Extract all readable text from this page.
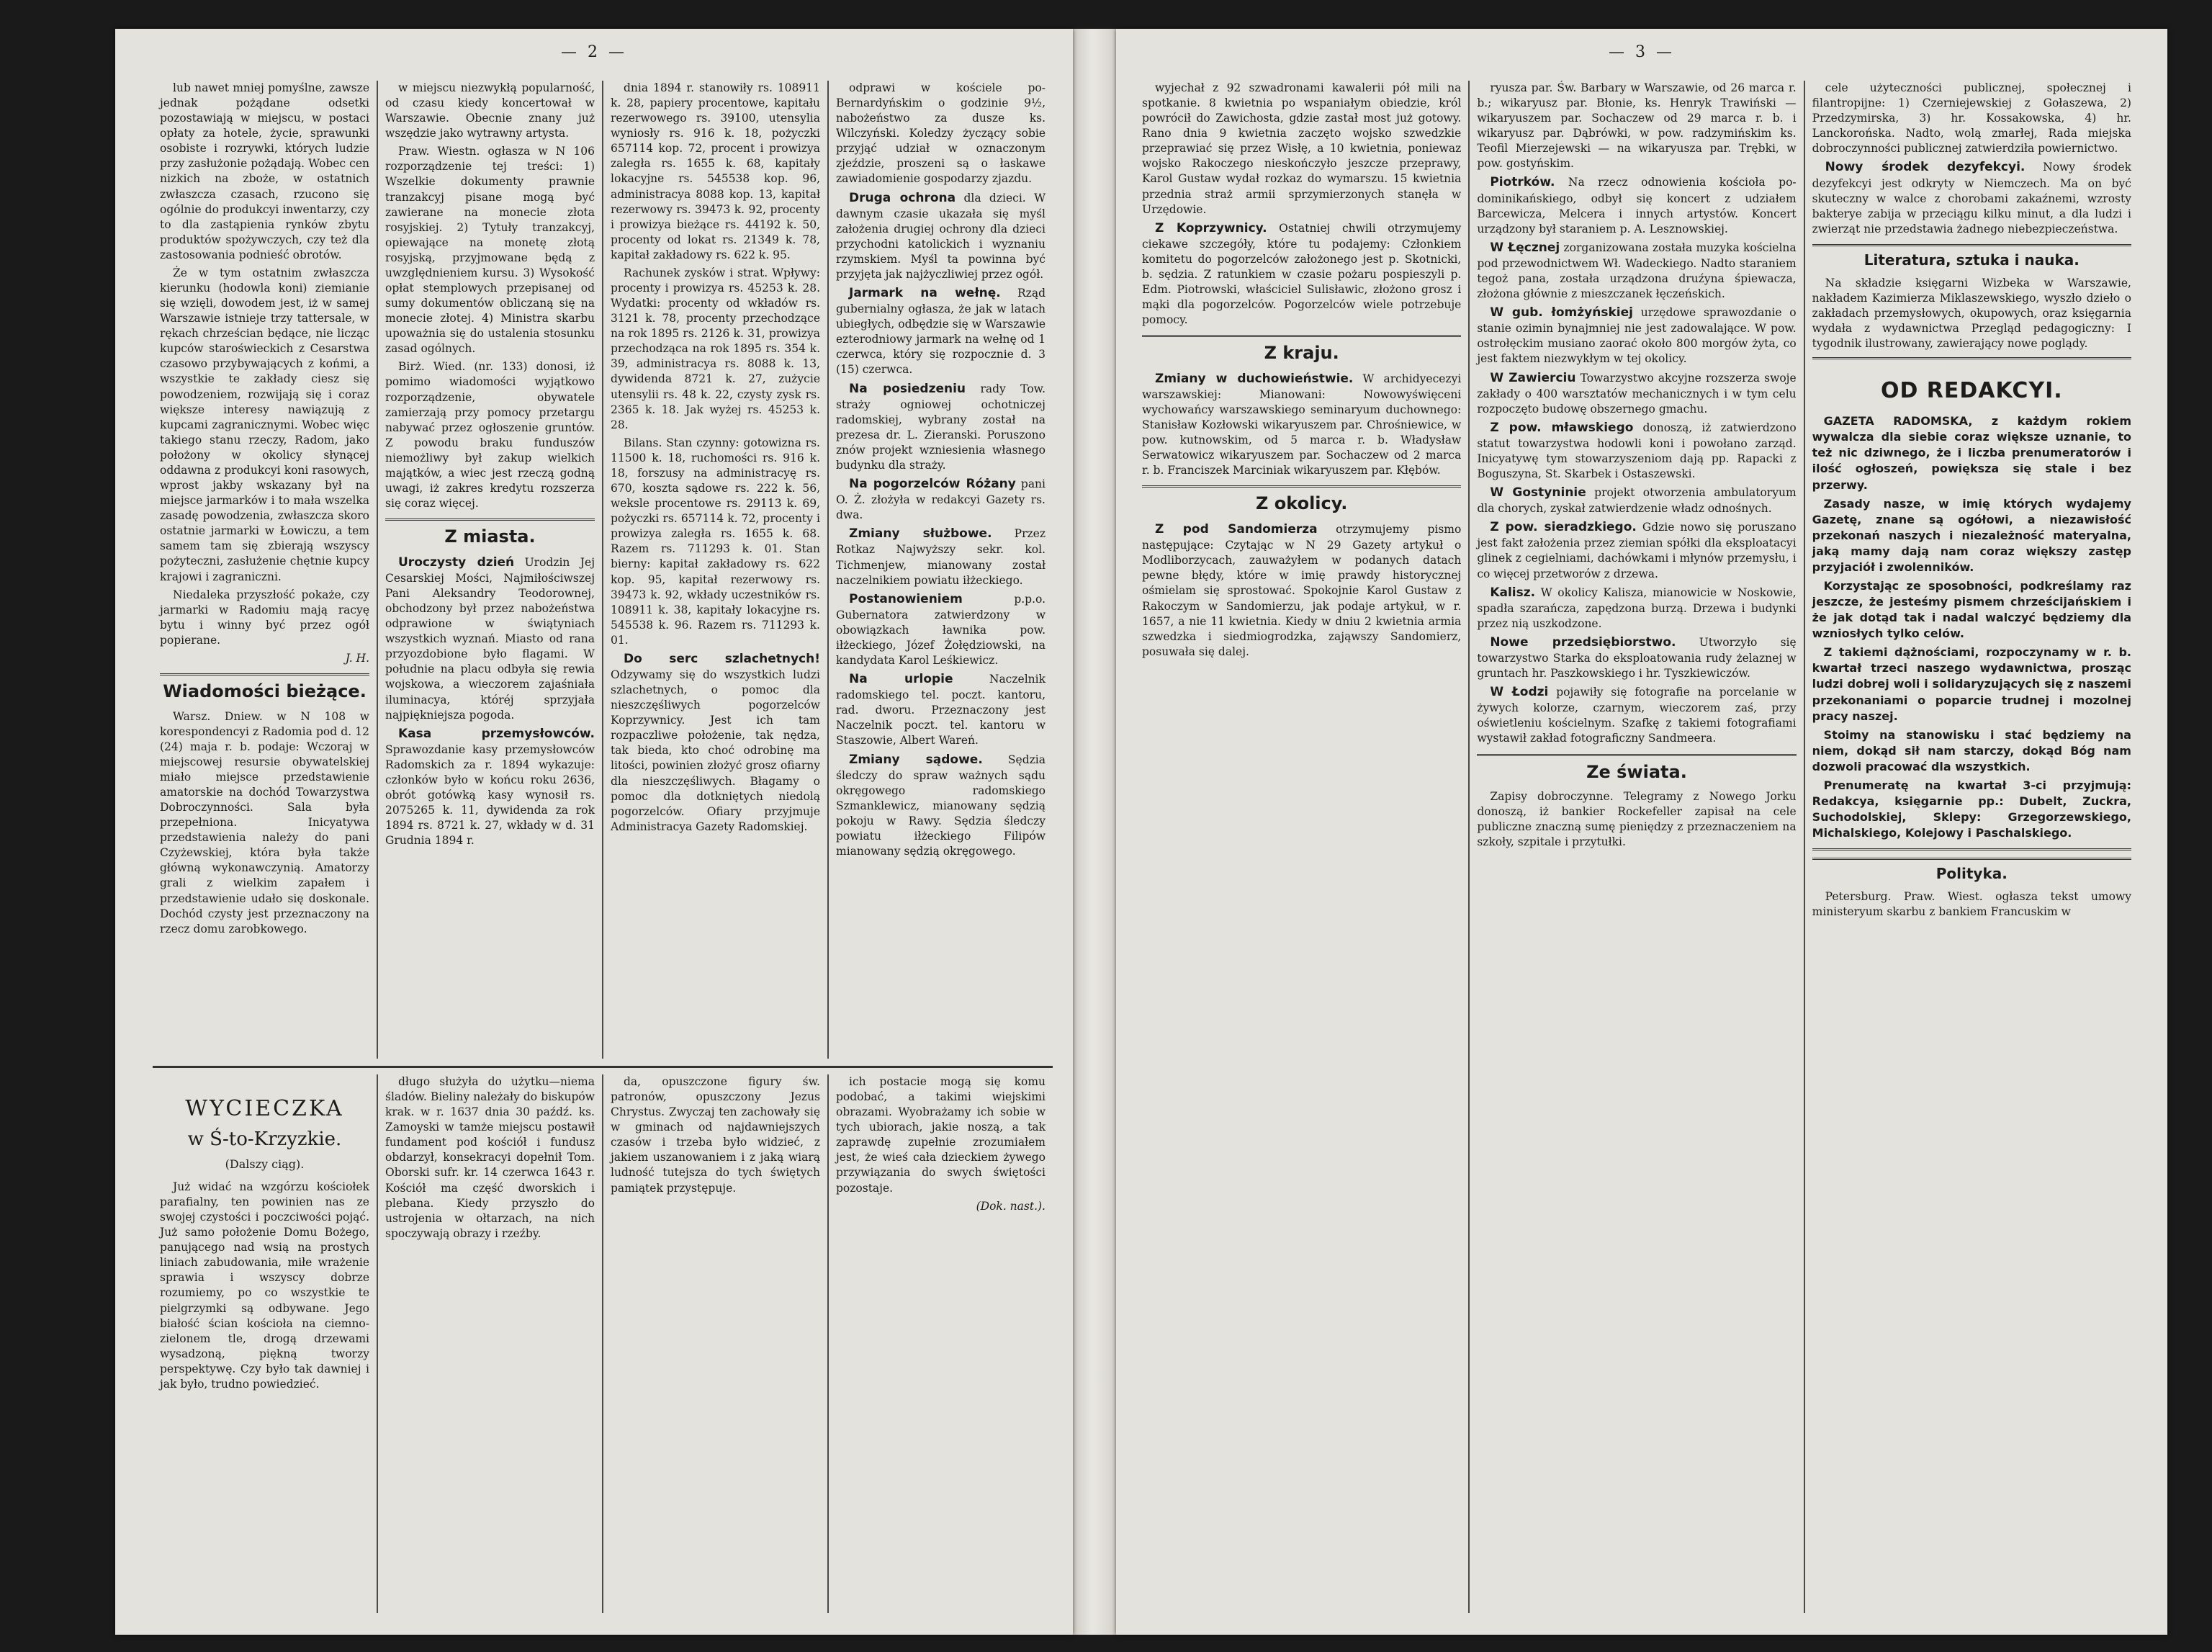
— 2 —

lub nawet mniej pomyślne, zawsze jednak pożądane odsetki pozostawiają w miejscu, w postaci opłaty za hotele, życie, sprawunki osobiste i rozrywki, których ludzie przy zasłużonie pożądają. Wobec cen nizkich na zboże, w ostatnich zwłaszcza czasach, rzucono się ogólnie do produkcyi inwentarzy, czy to dla zastąpienia rynków zbytu produktów spożywczych, czy też dla zastosowania podnieść obrotów.

Że w tym ostatnim zwłaszcza kierunku (hodowla koni) ziemianie się wzięli, dowodem jest, iż w samej Warszawie istnieje trzy tattersale, w rękach chrześcian będące, nie licząc kupców staroświeckich z Cesarstwa czasowo przybywających z końmi, a wszystkie te zakłady ciesz się powodzeniem, rozwijają się i coraz większe interesy nawiązują z kupcami zagranicznymi. Wobec więc takiego stanu rzeczy, Radom, jako położony w okolicy słynącej oddawna z produkcyi koni rasowych, wprost jakby wskazany był na miejsce jarmarków i to mała wszelka zasadę powodzenia, zwłaszcza skoro ostatnie jarmarki w Łowiczu, a tem samem tam się zbierają wszyscy pożyteczni, zasłużenie chętnie kupcy krajowi i zagraniczni.

Niedaleka przyszłość pokaże, czy jarmarki w Radomiu mają racyę bytu i winny być przez ogół popierane.

J. H.
Wiadomości bieżące.

Warsz. Dniew. w N 108 w korespondencyi z Radomia pod d. 12 (24) maja r. b. podaje: Wczoraj w miejscowej resursie obywatelskiej miało miejsce przedstawienie amatorskie na dochód Towarzystwa Dobroczynności. Sala była przepełniona. Inicyatywa przedstawienia należy do pani Czyżewskiej, która była także główną wykonawczynią. Amatorzy grali z wielkim zapałem i przedstawienie udało się doskonale. Dochód czysty jest przeznaczony na rzecz domu zarobkowego.

w miejscu niezwykłą popularność, od czasu kiedy koncertował w Warszawie. Obecnie znany już wszędzie jako wytrawny artysta.

Praw. Wiestn. ogłasza w N 106 rozporządzenie tej treści: 1) Wszelkie dokumenty prawnie tranzakcyj pisane mogą być zawierane na monecie złota rosyjskiej. 2) Tytuły tranzakcyj, opiewające na monetę złotą rosyjską, przyjmowane będą z uwzględnieniem kursu. 3) Wysokość opłat stemplowych przepisanej od sumy dokumentów obliczaną się na monecie złotej. 4) Ministra skarbu upoważnia się do ustalenia stosunku zasad ogólnych.

Birż. Wied. (nr. 133) donosi, iż pomimo wiadomości wyjątkowo rozporządzenie, obywatele zamierzają przy pomocy przetargu nabywać przez ogłoszenie gruntów. Z powodu braku funduszów niemożliwy był zakup wielkich majątków, a wiec jest rzeczą godną uwagi, iż zakres kredytu rozszerza się coraz więcej.

Z miasta.

Uroczysty dzień Urodzin Jej Cesarskiej Mości, Najmiłościwszej Pani Aleksandry Teodorownej, obchodzony był przez nabożeństwa odprawione w świątyniach wszystkich wyznań. Miasto od rana przyozdobione było flagami. W południe na placu odbyła się rewia wojskowa, a wieczorem zajaśniała iluminacya, któréj sprzyjała najpiękniejsza pogoda.

Kasa przemysłowców. Sprawozdanie kasy przemysłowców Radomskich za r. 1894 wykazuje: członków było w końcu roku 2636, obrót gotówką kasy wynosił rs. 2075265 k. 11, dywidenda za rok 1894 rs. 8721 k. 27, wkłady w d. 31 Grudnia 1894 r.

dnia 1894 r. stanowiły rs. 108911 k. 28, papiery procentowe, kapitału rezerwowego rs. 39100, utensylia wyniosły rs. 916 k. 18, pożyczki 657114 kop. 72, procent i prowizya zaległa rs. 1655 k. 68, kapitały lokacyjne rs. 545538 kop. 96, administracya 8088 kop. 13, kapitał rezerwowy rs. 39473 k. 92, procenty i prowizya bieżące rs. 44192 k. 50, procenty od lokat rs. 21349 k. 78, kapitał zakładowy rs. 622 k. 95.

Rachunek zysków i strat. Wpływy: procenty i prowizya rs. 45253 k. 28. Wydatki: procenty od wkładów rs. 3121 k. 78, procenty przechodzące na rok 1895 rs. 2126 k. 31, prowizya przechodząca na rok 1895 rs. 354 k. 39, administracya rs. 8088 k. 13, dywidenda 8721 k. 27, zużycie utensylii rs. 48 k. 22, czysty zysk rs. 2365 k. 18. Jak wyżej rs. 45253 k. 28.

Bilans. Stan czynny: gotowizna rs. 11500 k. 18, ruchomości rs. 916 k. 18, forszusy na administracyę rs. 670, koszta sądowe rs. 222 k. 56, weksle procentowe rs. 29113 k. 69, pożyczki rs. 657114 k. 72, procenty i prowizya zaległa rs. 1655 k. 68. Razem rs. 711293 k. 01. Stan bierny: kapitał zakładowy rs. 622 kop. 95, kapitał rezerwowy rs. 39473 k. 92, wkłady uczestników rs. 108911 k. 38, kapitały lokacyjne rs. 545538 k. 96. Razem rs. 711293 k. 01.

Do serc szlachetnych! Odzywamy się do wszystkich ludzi szlachetnych, o pomoc dla nieszczęśliwych pogorzelców Koprzywnicy. Jest ich tam rozpaczliwe położenie, tak nędza, tak bieda, kto choć odrobinę ma litości, powinien złożyć grosz ofiarny dla nieszczęśliwych. Błagamy o pomoc dla dotkniętych niedolą pogorzelców. Ofiary przyjmuje Administracya Gazety Radomskiej.

odprawi w kościele po-Bernardyńskim o godzinie 9½, nabożeństwo za dusze ks. Wilczyński. Koledzy życzący sobie przyjąć udział w oznaczonym zjeździe, proszeni są o łaskawe zawiadomienie gospodarzy zjazdu.

Druga ochrona dla dzieci. W dawnym czasie ukazała się myśl założenia drugiej ochrony dla dzieci przychodni katolickich i wyznaniu rzymskiem. Myśl ta powinna być przyjęta jak najżyczliwiej przez ogół.

Jarmark na wełnę. Rząd gubernialny ogłasza, że jak w latach ubiegłych, odbędzie się w Warszawie ezterodniowy jarmark na wełnę od 1 czerwca, który się rozpocznie d. 3 (15) czerwca.

Na posiedzeniu rady Tow. straży ogniowej ochotniczej radomskiej, wybrany został na prezesa dr. L. Zieranski. Poruszono znów projekt wzniesienia własnego budynku dla straży.

Na pogorzelców Różany pani O. Ż. złożyła w redakcyi Gazety rs. dwa.

Zmiany służbowe. Przez Rotkaz Najwyższy sekr. kol. Tichmenjew, mianowany został naczelnikiem powiatu iłżeckiego.

Postanowieniem	p.p.o. Gubernatora zatwierdzony w obowiązkach ławnika pow. iłżeckiego, Józef Żołędziowski, na kandydata Karol Leśkiewicz.

Na urlopie	Naczelnik radomskiego tel. poczt. kantoru, rad. dworu. Przeznaczony jest Naczelnik poczt. tel. kantoru w Staszowie, Albert Wareń.

Zmiany sądowe. Sędzia śledczy do spraw ważnych sądu okręgowego radomskiego Szmanklewicz, mianowany sędzią pokoju w Rawy. Sędzia śledczy powiatu iłżeckiego Filipów mianowany sędzią okręgowego.

WYCIECZKA
w Ś-to-Krzyzkie.
(Dalszy ciąg).

Już widać na wzgórzu kościołek parafialny, ten powinien nas ze swojej czystości i poczciwości pojąć. Już samo położenie Domu Bożego, panującego nad wsią na prostych liniach zabudowania, miłe wrażenie sprawia i wszyscy dobrze rozumiemy, po co wszystkie te pielgrzymki są odbywane. Jego białość ścian kościoła na ciemno-zielonem tle, drogą drzewami wysadzoną, piękną tworzy perspektywę. Czy było tak dawniej i jak było, trudno powiedzieć.

długo służyła do użytku—niema śladów. Bieliny należały do biskupów krak. w r. 1637 dnia 30 paźdź. ks. Zamoyski w tamże miejscu postawił fundament pod kościół i fundusz obdarzył, konsekracyi dopełnił Tom. Oborski sufr. kr. 14 czerwca 1643 r. Kościół ma część dworskich i plebana. Kiedy przyszło do ustrojenia w ołtarzach, na nich spoczywają obrazy i rzeźby.

da, opuszczone figury św. patronów, opuszczony Jezus Chrystus. Zwyczaj ten zachowały się w gminach od najdawniejszych czasów i trzeba było widzieć, z jakiem uszanowaniem i z jaką wiarą ludność tutejsza do tych świętych pamiątek przystępuje.

ich postacie mogą się komu podobać, a takimi wiejskimi obrazami. Wyobrażamy ich sobie w tych ubiorach, jakie noszą, a tak zaprawdę zupełnie zrozumiałem jest, że wieś cała dzieckiem żywego przywiązania do swych świętości pozostaje.

(Dok. nast.).
— 3 —

wyjechał z 92 szwadronami kawalerii pół mili na spotkanie. 8 kwietnia po wspaniałym obiedzie, król powrócił do Zawichosta, gdzie zastał most już gotowy. Rano dnia 9 kwietnia zaczęto wojsko szwedzkie przeprawiać się przez Wisłę, a 10 kwietnia, poniewaz wojsko Rakoczego nieskończyło jeszcze przeprawy, Karol Gustaw wydał rozkaz do wymarszu. 15 kwietnia przednia straż armii sprzymierzonych stanęła w Urzędowie.

Z Koprzywnicy. Ostatniej chwili otrzymujemy ciekawe szczegóły, które tu podajemy: Członkiem komitetu do pogorzelców założonego jest p. Skotnicki, b. sędzia. Z ratunkiem w czasie pożaru pospieszyli p. Edm. Piotrowski, właściciel Sulisławic, złożono grosz i mąki dla pogorzelców. Pogorzelców wiele potrzebuje pomocy.

Z kraju.

Zmiany w duchowieństwie. W archidyecezyi warszawskiej: Mianowani: Nowowyświęceni wychowańcy warszawskiego seminaryum duchownego: Stanisław Kozłowski wikaryuszem par. Chrośniewice, w pow. kutnowskim, od 5 marca r. b. Władysław Serwatowicz wikaryuszem par. Sochaczew od 2 marca r. b. Franciszek Marciniak wikaryuszem par. Kłębów.

Z okolicy.

Z pod Sandomierza otrzymujemy pismo następujące: Czytając w N 29 Gazety artykuł o Modliborzycach, zauważyłem w podanych datach pewne błędy, które w imię prawdy historycznej ośmielam się sprostować. Spokojnie Karol Gustaw z Rakoczym w Sandomierzu, jak podaje artykuł, w r. 1657, a nie 11 kwietnia. Kiedy w dniu 2 kwietnia armia szwedzka i siedmiogrodzka, zająwszy Sandomierz, posuwała się dalej.

ryusza par. Św. Barbary w Warszawie, od 26 marca r. b.; wikaryusz par. Błonie, ks. Henryk Trawiński — wikaryuszem par. Sochaczew od 29 marca r. b. i wikaryusz par. Dąbrówki, w pow. radzymińskim ks. Teofil Mierzejewski — na wikaryusza par. Trębki, w pow. gostyńskim.

Piotrków. Na rzecz odnowienia kościoła po-dominikańskiego, odbył się koncert z udziałem Barcewicza, Melcera i innych artystów. Koncert urządzony był staraniem p. A. Lesznowskiej.

W Łęcznej zorganizowana została muzyka kościelna pod przewodnictwem Wł. Wadeckiego. Nadto staraniem tegoż pana, została urządzona druźyna śpiewacza, złożona głównie z mieszczanek łęczeńskich.

W gub. łomżyńskiej urzędowe sprawozdanie o stanie ozimin bynajmniej nie jest zadowalające. W pow. ostrołęckim musiano zaorać około 800 morgów żyta, co jest faktem niezwykłym w tej okolicy.

W Zawierciu Towarzystwo akcyjne rozszerza swoje zakłady o 400 warsztatów mechanicznych i w tym celu rozpoczęto budowę obszernego gmachu.

Z pow. mławskiego donoszą, iż zatwierdzono statut towarzystwa hodowli koni i powołano zarząd. Inicyatywę tym stowarzyszeniom dają pp. Rapacki z Boguszyna, St. Skarbek i Ostaszewski.

W Gostyninie projekt otworzenia ambulatoryum dla chorych, zyskał zatwierdzenie władz odnośnych.

Z pow. sieradzkiego. Gdzie nowo się poruszano jest fakt założenia przez ziemian spółki dla eksploatacyi glinek z cegielniami, dachówkami i młynów przemysłu, i co więcej przetworów z drzewa.

Kalisz. W okolicy Kalisza, mianowicie w Noskowie, spadła szarańcza, zapędzona burzą. Drzewa i budynki przez nią uszkodzone.

Nowe przedsiębiorstwo. Utworzyło się towarzystwo Starka do eksploatowania rudy żelaznej w gruntach hr. Paszkowskiego i hr. Tyszkiewiczów.

W Łodzi pojawiły się fotografie na porcelanie w żywych kolorze, czarnym, wieczorem zaś, przy oświetleniu kościelnym. Szafkę z takiemi fotografiami wystawił zakład fotograficzny Sandmeera.

Ze świata.

Zapisy dobroczynne. Telegramy z Nowego Jorku donoszą, iż bankier Rockefeller zapisał na cele publiczne znaczną sumę pieniędzy z przeznaczeniem na szkoły, szpitale i przytułki.

cele użyteczności publicznej, społecznej i filantropijne: 1) Czerniejewskiej z Gołaszewa, 2) Przedzymirska, 3) hr. Kossakowska, 4) hr. Lanckorońska. Nadto, wolą zmarłej, Rada miejska dobroczynności publicznej zatwierdziła powiernictwo.

Nowy środek dezyfekcyi. Nowy środek dezyfekcyi jest odkryty w Niemczech. Ma on być skuteczny w walce z chorobami zakaźnemi, wzrosty bakterye zabija w przeciągu kilku minut, a dla ludzi i zwierząt nie przedstawia żadnego niebezpieczeństwa.

Literatura, sztuka i nauka.

Na składzie księgarni Wizbeka w Warszawie, nakładem Kazimierza Miklaszewskiego, wyszło dzieło o zakładach przemysłowych, okupowych, oraz księgarnia wydała z wydawnictwa Przegląd pedagogiczny: I tygodnik ilustrowany, zawierający nowe poglądy.

OD REDAKCYI.

GAZETA RADOMSKA, z każdym rokiem wywalcza dla siebie coraz większe uznanie, to też nic dziwnego, że i liczba prenumeratorów i ilość ogłoszeń, powiększa się stale i bez przerwy.

Zasady nasze, w imię których wydajemy Gazetę, znane są ogółowi, a niezawisłość przekonań naszych i niezależność materyalna, jaką mamy dają nam coraz większy zastęp przyjaciół i zwolenników.

Korzystając ze sposobności, podkreślamy raz jeszcze, że jesteśmy pismem chrześcijańskiem i że jak dotąd tak i nadal walczyć będziemy dla wzniosłych tylko celów.

Z takiemi dążnościami, rozpoczynamy w r. b. kwartał trzeci naszego wydawnictwa, prosząc ludzi dobrej woli i solidaryzujących się z naszemi przekonaniami o poparcie trudnej i mozolnej pracy naszej.

Stoimy na stanowisku i stać będziemy na niem, dokąd sił nam starczy, dokąd Bóg nam dozwoli pracować dla wszystkich.

Prenumeratę na kwartał 3-ci przyjmują: Redakcya, księgarnie pp.: Dubelt, Zuckra, Suchodolskiej, Sklepy: Grzegorzewskiego, Michalskiego, Kolejowy i Paschalskiego.

Polityka.

Petersburg. Praw. Wiest. ogłasza tekst umowy ministeryum skarbu z bankiem Francuskim w
